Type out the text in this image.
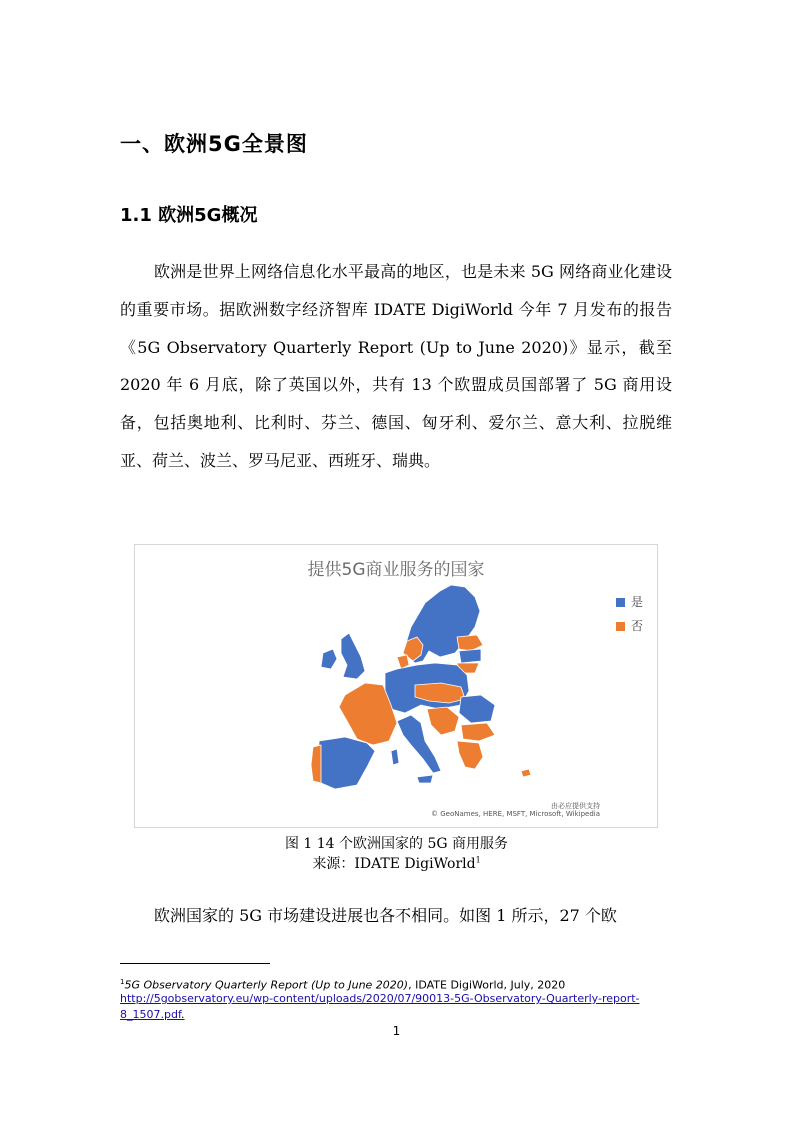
一、欧洲5G全景图
1.1 欧洲5G概况

欧洲是世界上网络信息化水平最高的地区，也是未来 5G 网络商业化建设的重要市场。据欧洲数字经济智库 IDATE DigiWorld 今年 7 月发布的报告《5G Observatory Quarterly Report (Up to June 2020)》显示，截至 2020 年 6 月底，除了英国以外，共有 13 个欧盟成员国部署了 5G 商用设备，包括奥地利、比利时、芬兰、德国、匈牙利、爱尔兰、意大利、拉脱维亚、荷兰、波兰、罗马尼亚、西班牙、瑞典。

提供5G商业服务的国家
是
否
由必应提供支持
© GeoNames, HERE, MSFT, Microsoft, Wikipedia
图 1 14 个欧洲国家的 5G 商用服务
来源：IDATE DigiWorld$^1$

欧洲国家的 5G 市场建设进展也各不相同。如图 1 所示，27 个欧

$^1$5G Observatory Quarterly Report (Up to June 2020), IDATE DigiWorld, July, 2020
http://5gobservatory.eu/wp-content/uploads/2020/07/90013-5G-Observatory-Quarterly-report-8_1507.pdf.
1
